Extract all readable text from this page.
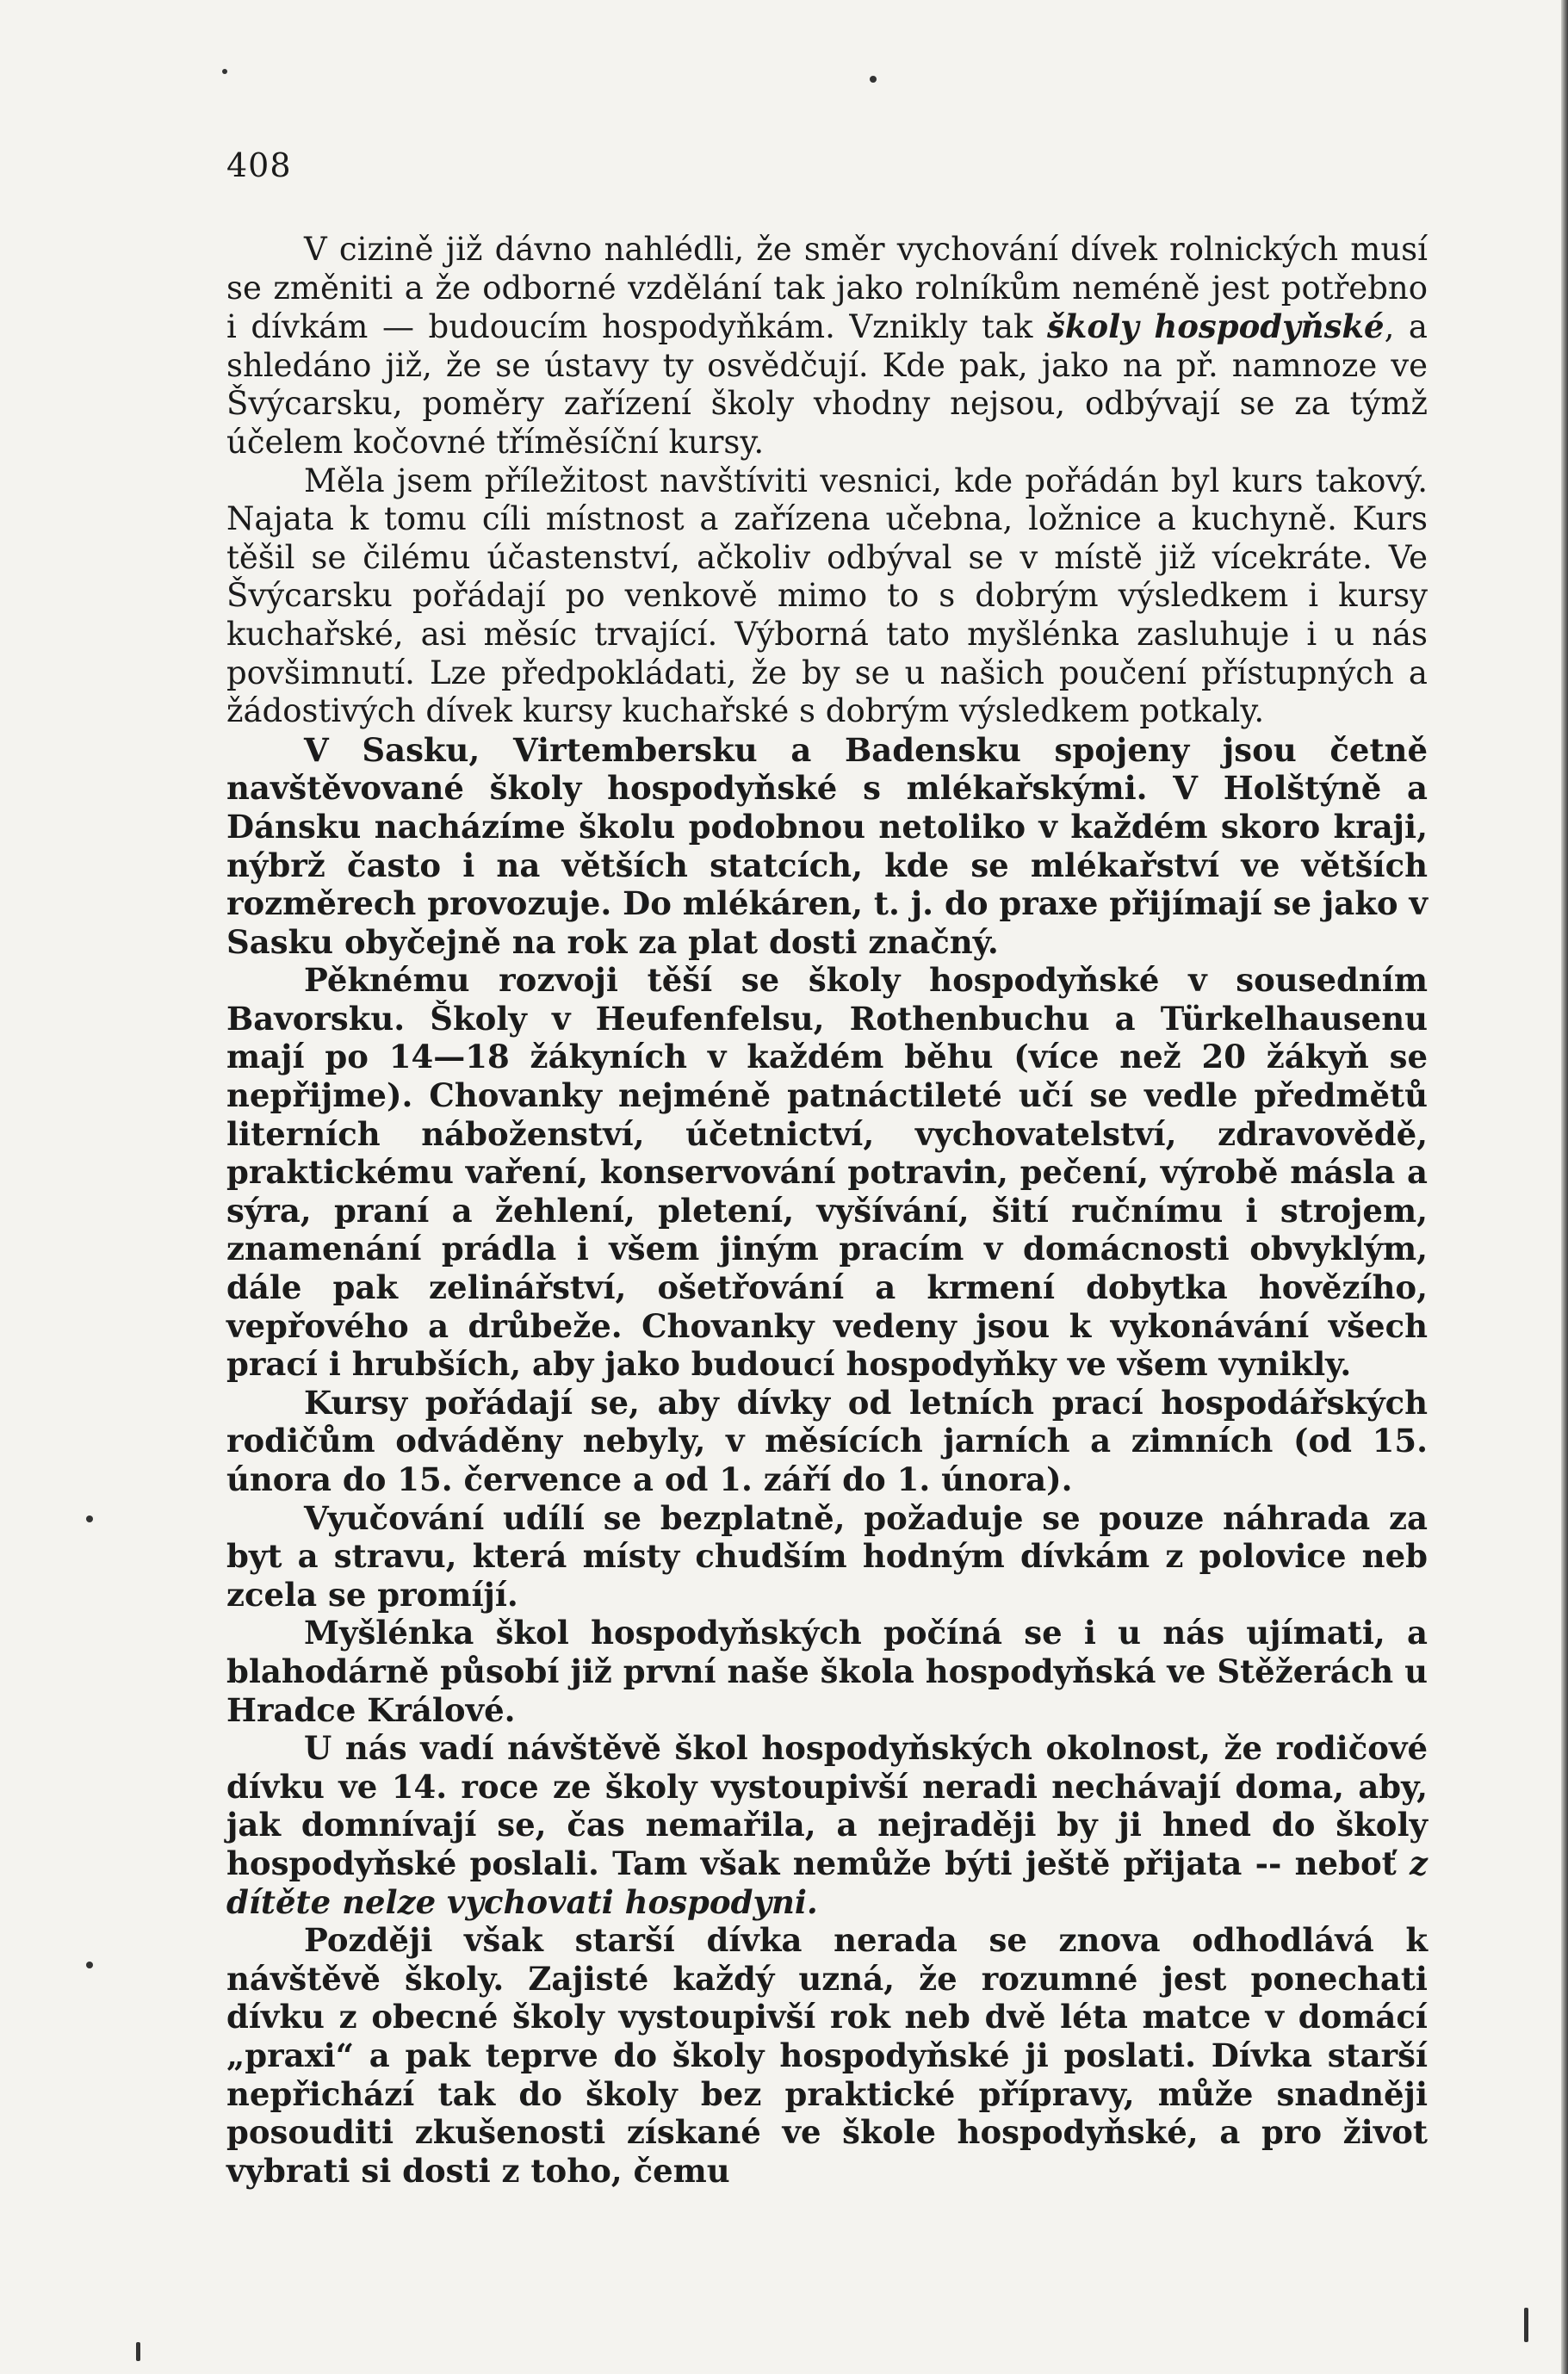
408

V cizině již dávno nahlédli, že směr vychování dívek rolnických musí se změniti a že odborné vzdělání tak jako rolníkům neméně jest potřebno i dívkám — budoucím hospodyňkám. Vznikly tak školy hospodyňské, a shledáno již, že se ústavy ty osvědčují. Kde pak, jako na př. namnoze ve Švýcarsku, poměry zařízení školy vhodny nejsou, odbývají se za týmž účelem kočovné tříměsíční kursy.

Měla jsem příležitost navštíviti vesnici, kde pořádán byl kurs takový. Najata k tomu cíli místnost a zařízena učebna, ložnice a kuchyně. Kurs těšil se čilému účastenství, ačkoliv odbýval se v místě již vícekráte. Ve Švýcarsku pořádají po venkově mimo to s dobrým výsledkem i kursy kuchařské, asi měsíc trvající. Výborná tato myšlénka zasluhuje i u nás povšimnutí. Lze předpokládati, že by se u našich poučení přístupných a žádostivých dívek kursy kuchařské s dobrým výsledkem potkaly.

V Sasku, Virtembersku a Badensku spojeny jsou četně navštěvované školy hospodyňské s mlékařskými. V Holštýně a Dánsku nacházíme školu podobnou netoliko v každém skoro kraji, nýbrž často i na větších statcích, kde se mlékařství ve větších rozměrech provozuje. Do mlékáren, t. j. do praxe přijímají se jako v Sasku obyčejně na rok za plat dosti značný.

Pěknému rozvoji těší se školy hospodyňské v sousedním Bavorsku. Školy v Heufenfelsu, Rothenbuchu a Türkelhausenu mají po 14—18 žákyních v každém běhu (více než 20 žákyň se nepřijme). Chovanky nejméně patnáctileté učí se vedle předmětů literních náboženství, účetnictví, vychovatelství, zdravovědě, praktickému vaření, konservování potravin, pečení, výrobě másla a sýra, praní a žehlení, pletení, vyšívání, šití ručnímu i strojem, znamenání prádla i všem jiným pracím v domácnosti obvyklým, dále pak zelinářství, ošetřování a krmení dobytka hovězího, vepřového a drůbeže. Chovanky vedeny jsou k vykonávání všech prací i hrubších, aby jako budoucí hospodyňky ve všem vynikly.

Kursy pořádají se, aby dívky od letních prací hospodářských rodičům odváděny nebyly, v měsících jarních a zimních (od 15. února do 15. července a od 1. září do 1. února).

Vyučování udílí se bezplatně, požaduje se pouze náhrada za byt a stravu, která místy chudším hodným dívkám z polovice neb zcela se promíjí.

Myšlénka škol hospodyňských počíná se i u nás ujímati, a blahodárně působí již první naše škola hospodyňská ve Stěžerách u Hradce Králové.

U nás vadí návštěvě škol hospodyňských okolnost, že rodičové dívku ve 14. roce ze školy vystoupivší neradi nechávají doma, aby, jak domnívají se, čas nemařila, a nejraději by ji hned do školy hospodyňské poslali. Tam však nemůže býti ještě přijata -- neboť z dítěte nelze vychovati hospodyni.

Později však starší dívka nerada se znova odhodlává k návštěvě školy. Zajisté každý uzná, že rozumné jest ponechati dívku z obecné školy vystoupivší rok neb dvě léta matce v domácí „praxi“ a pak teprve do školy hospodyňské ji poslati. Dívka starší nepřichází tak do školy bez praktické přípravy, může snadněji posouditi zkušenosti získané ve škole hospodyňské, a pro život vybrati si dosti z toho, čemu
